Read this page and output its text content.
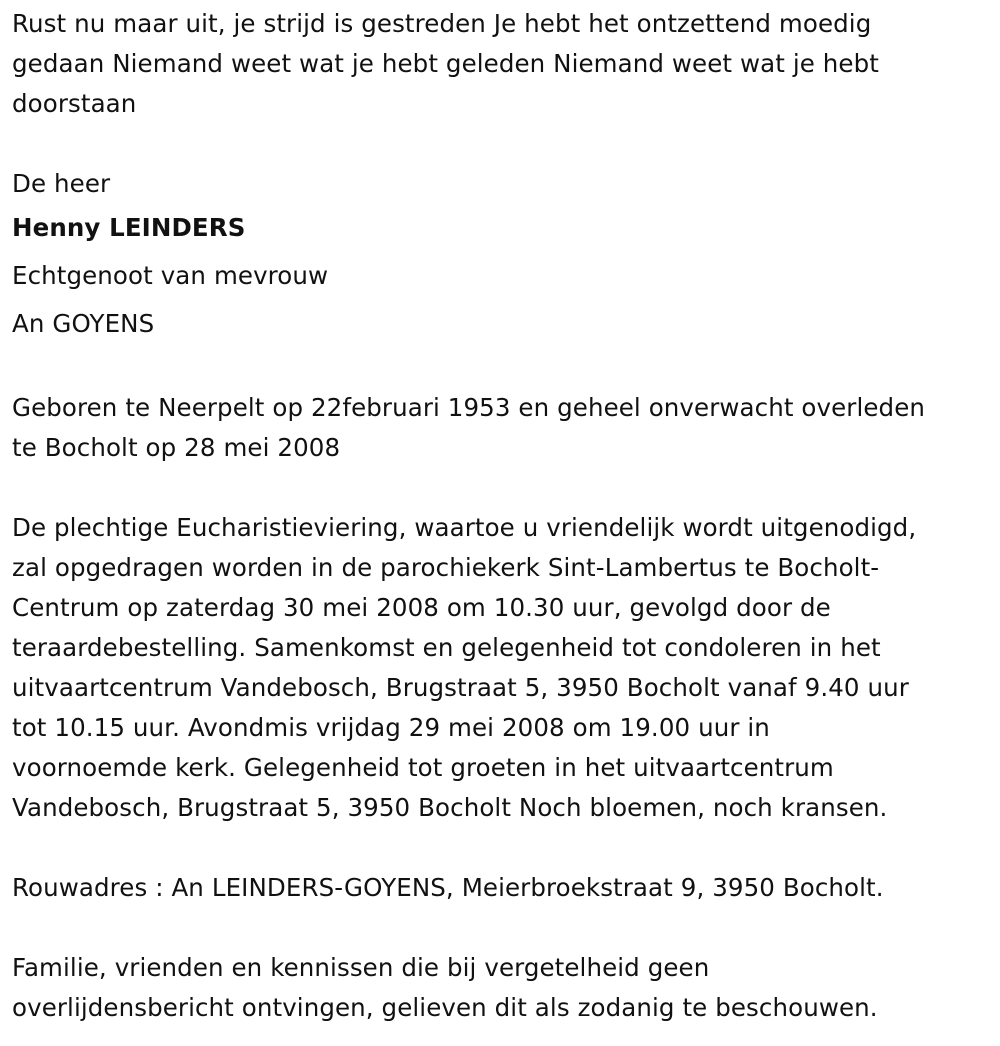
Rust nu maar uit, je strijd is gestreden Je hebt het ontzettend moedig
gedaan Niemand weet wat je hebt geleden Niemand weet wat je hebt
doorstaan

De heer
Henny LEINDERS
Echtgenoot van mevrouw
An GOYENS

Geboren te Neerpelt op 22februari 1953 en geheel onverwacht overleden
te Bocholt op 28 mei 2008

De plechtige Eucharistieviering, waartoe u vriendelijk wordt uitgenodigd,
zal opgedragen worden in de parochiekerk Sint-Lambertus te Bocholt-
Centrum op zaterdag 30 mei 2008 om 10.30 uur, gevolgd door de
teraardebestelling. Samenkomst en gelegenheid tot condoleren in het
uitvaartcentrum Vandebosch, Brugstraat 5, 3950 Bocholt vanaf 9.40 uur
tot 10.15 uur. Avondmis vrijdag 29 mei 2008 om 19.00 uur in
voornoemde kerk. Gelegenheid tot groeten in het uitvaartcentrum
Vandebosch, Brugstraat 5, 3950 Bocholt Noch bloemen, noch kransen.

Rouwadres : An LEINDERS-GOYENS, Meierbroekstraat 9, 3950 Bocholt.

Familie, vrienden en kennissen die bij vergetelheid geen
overlijdensbericht ontvingen, gelieven dit als zodanig te beschouwen.
